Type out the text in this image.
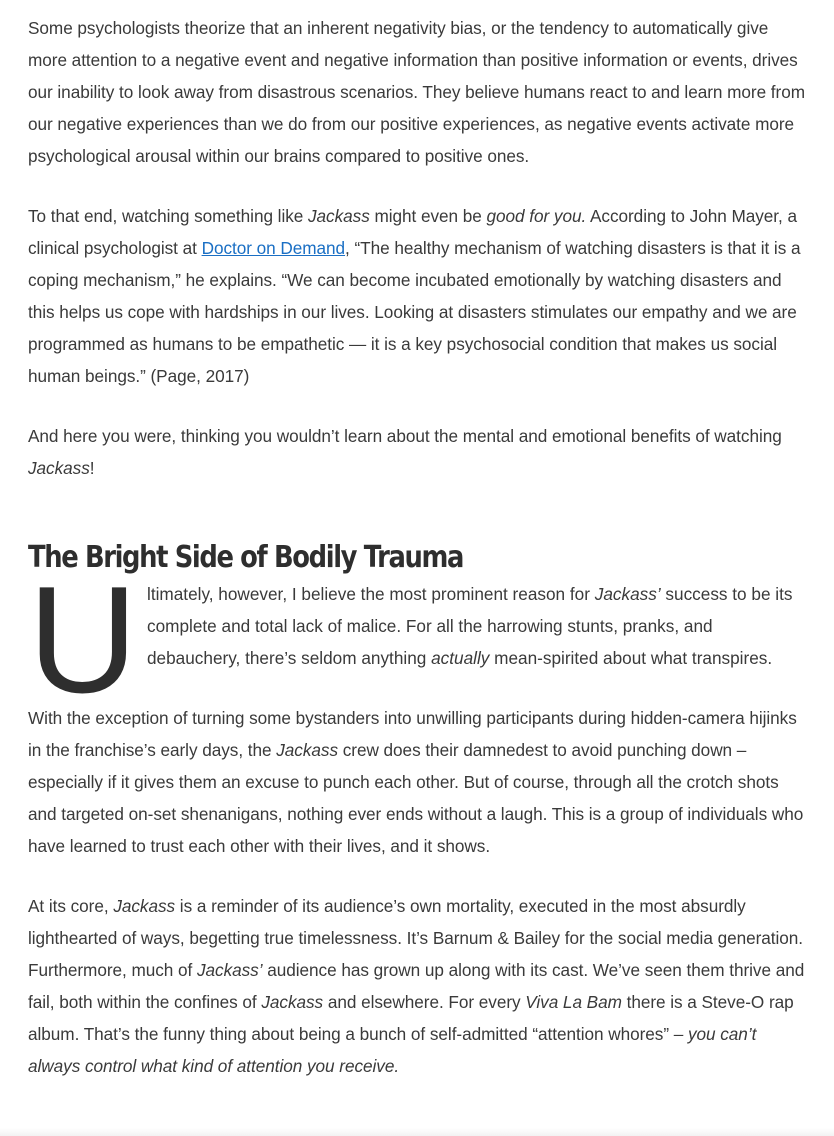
Some psychologists theorize that an inherent negativity bias, or the tendency to automatically give more attention to a negative event and negative information than positive information or events, drives our inability to look away from disastrous scenarios. They believe humans react to and learn more from our negative experiences than we do from our positive experiences, as negative events activate more psychological arousal within our brains compared to positive ones.

To that end, watching something like Jackass might even be good for you. According to John Mayer, a clinical psychologist at Doctor on Demand, “The healthy mechanism of watching disasters is that it is a coping mechanism,” he explains. “We can become incubated emotionally by watching disasters and this helps us cope with hardships in our lives. Looking at disasters stimulates our empathy and we are programmed as humans to be empathetic — it is a key psychosocial condition that makes us social human beings.” (Page, 2017)

And here you were, thinking you wouldn’t learn about the mental and emotional benefits of watching Jackass!

The Bright Side of Bodily Trauma
U ltimately, however, I believe the most prominent reason for Jackass’ success to be its complete and total lack of malice. For all the harrowing stunts, pranks, and debauchery, there’s seldom anything actually mean-spirited about what transpires.

With the exception of turning some bystanders into unwilling participants during hidden-camera hijinks in the franchise’s early days, the Jackass crew does their damnedest to avoid punching down – especially if it gives them an excuse to punch each other. But of course, through all the crotch shots and targeted on-set shenanigans, nothing ever ends without a laugh. This is a group of individuals who have learned to trust each other with their lives, and it shows.

At its core, Jackass is a reminder of its audience’s own mortality, executed in the most absurdly lighthearted of ways, begetting true timelessness. It’s Barnum & Bailey for the social media generation. Furthermore, much of Jackass’ audience has grown up along with its cast. We’ve seen them thrive and fail, both within the confines of Jackass and elsewhere. For every Viva La Bam there is a Steve-O rap album. That’s the funny thing about being a bunch of self-admitted “attention whores” – you can’t always control what kind of attention you receive.
